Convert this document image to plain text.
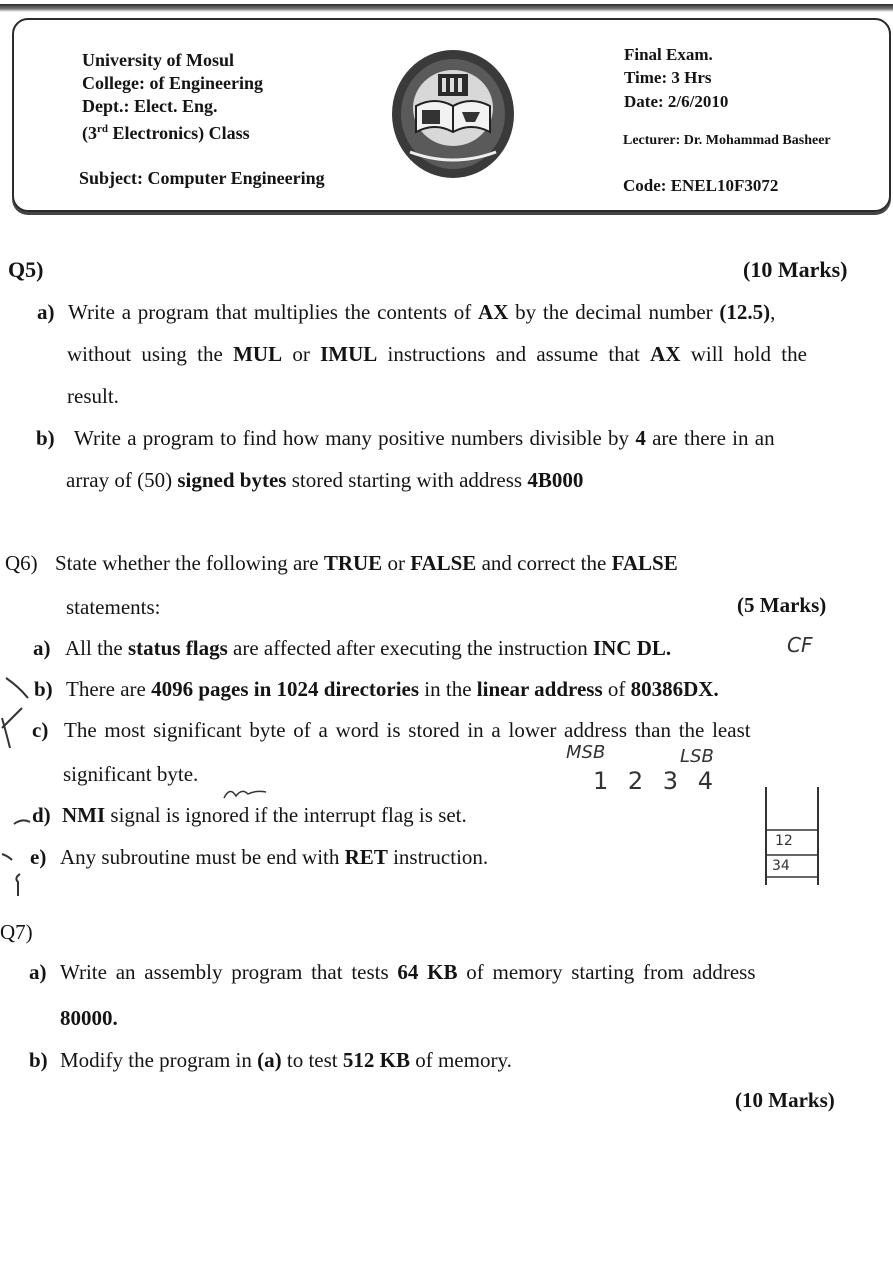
University of Mosul
College: of Engineering
Dept.: Elect. Eng.
(3rd Electronics) Class
Subject: Computer Engineering
Final Exam.
Time: 3 Hrs
Date: 2/6/2010
Lecturer: Dr. Mohammad Basheer
Code: ENEL10F3072
Q5)	(10 Marks)
a) Write a program that multiplies the contents of AX by the decimal number (12.5),
without using the MUL or IMUL instructions and assume that AX will hold the
result.
b) Write a program to find how many positive numbers divisible by 4 are there in an
array of (50) signed bytes stored starting with address 4B000
Q6) State whether the following are TRUE or FALSE and correct the FALSE
statements:	(5 Marks)
a) All the status flags are affected after executing the instruction INC DL.
b) There are 4096 pages in 1024 directories in the linear address of 80386DX.
c) The most significant byte of a word is stored in a lower address than the least
significant byte.
d) NMI signal is ignored if the interrupt flag is set.
e) Any subroutine must be end with RET instruction.
Q7)
a) Write an assembly program that tests 64 KB of memory starting from address
80000.
b) Modify the program in (a) to test 512 KB of memory.
(10 Marks)
CF
MSB	LSB
1 2 3 4
12
34
